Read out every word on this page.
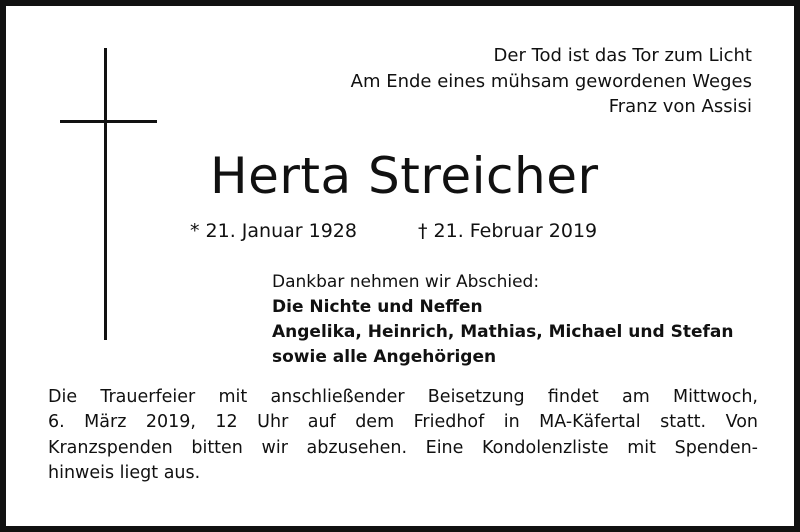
Der Tod ist das Tor zum Licht
Am Ende eines mühsam gewordenen Weges
Franz von Assisi
Herta Streicher
* 21. Januar 1928	† 21. Februar 2019
Dankbar nehmen wir Abschied:
Die Nichte und Neffen
Angelika, Heinrich, Mathias, Michael und Stefan
sowie alle Angehörigen
Die Trauerfeier mit anschließender Beisetzung findet am Mittwoch,
6. März 2019, 12 Uhr auf dem Friedhof in MA-Käfertal statt. Von
Kranzspenden bitten wir abzusehen. Eine Kondolenzliste mit Spenden-
hinweis liegt aus.
